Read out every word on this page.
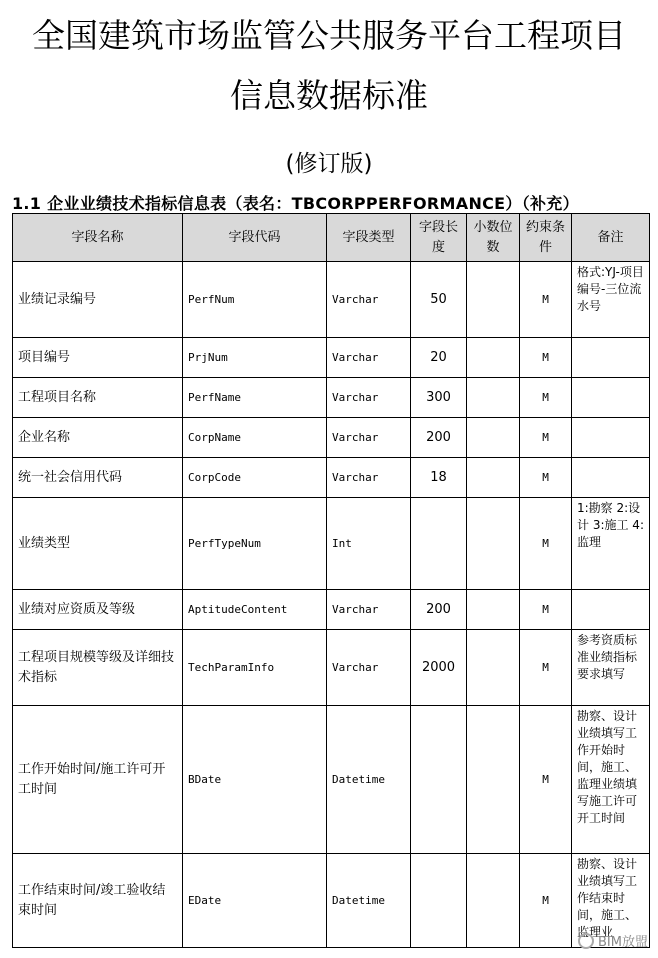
全国建筑市场监管公共服务平台工程项目
信息数据标准
(修订版)
1.1 企业业绩技术指标信息表（表名：TBCORPPERFORMANCE）（补充）
字段名称	字段代码	字段类型	字段长度	小数位数	约束条件	备注
业绩记录编号	PerfNum	Varchar	50		M	格式:YJ-项目编号-三位流水号
项目编号	PrjNum	Varchar	20		M	
工程项目名称	PerfName	Varchar	300		M	
企业名称	CorpName	Varchar	200		M	
统一社会信用代码	CorpCode	Varchar	18		M	
业绩类型	PerfTypeNum	Int			M	1:勘察 2:设计 3:施工 4:监理
业绩对应资质及等级	AptitudeContent	Varchar	200		M	
工程项目规模等级及详细技术指标	TechParamInfo	Varchar	2000		M	参考资质标准业绩指标要求填写
工作开始时间/施工许可开工时间	BDate	Datetime			M	勘察、设计业绩填写工作开始时间，施工、监理业绩填写施工许可开工时间
工作结束时间/竣工验收结束时间	EDate	Datetime			M	勘察、设计业绩填写工作结束时间，施工、监理业
BIM放盟
